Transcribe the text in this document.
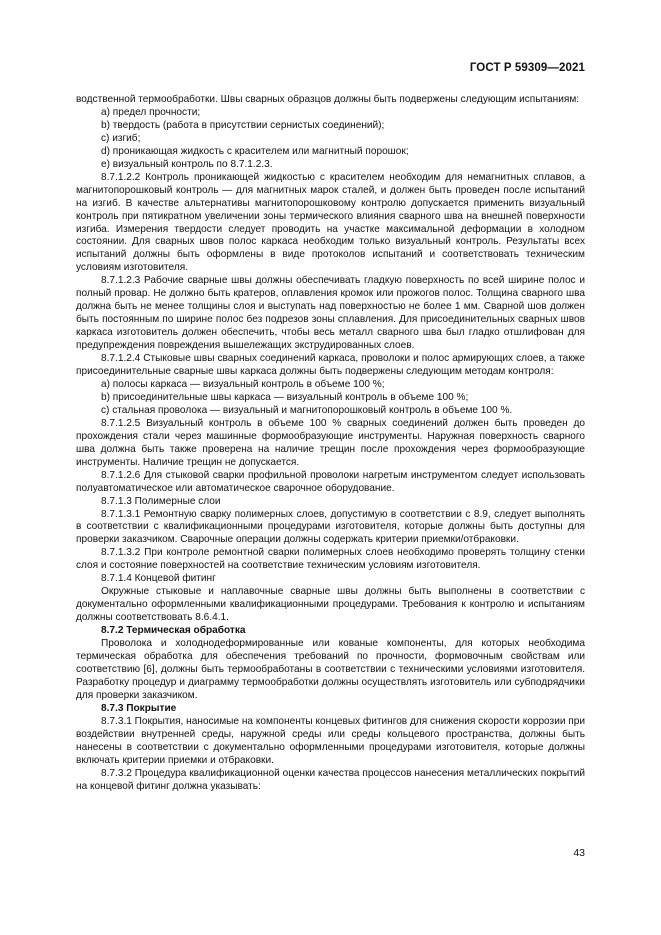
ГОСТ Р 59309—2021

водственной термообработки. Швы сварных образцов должны быть подвержены следующим испытаниям:

a) предел прочности;

b) твердость (работа в присутствии сернистых соединений);

c) изгиб;

d) проникающая жидкость с красителем или магнитный порошок;

e) визуальный контроль по 8.7.1.2.3.

8.7.1.2.2 Контроль проникающей жидкостью с красителем необходим для немагнитных сплавов, а магнитопорошковый контроль — для магнитных марок сталей, и должен быть проведен после испытаний на изгиб. В качестве альтернативы магнитопорошковому контролю допускается применить визуальный контроль при пятикратном увеличении зоны термического влияния сварного шва на внешней поверхности изгиба. Измерения твердости следует проводить на участке максимальной деформации в холодном состоянии. Для сварных швов полос каркаса необходим только визуальный контроль. Результаты всех испытаний должны быть оформлены в виде протоколов испытаний и соответствовать техническим условиям изготовителя.

8.7.1.2.3 Рабочие сварные швы должны обеспечивать гладкую поверхность по всей ширине полос и полный провар. Не должно быть кратеров, оплавления кромок или прожогов полос. Толщина сварного шва должна быть не менее толщины слоя и выступать над поверхностью не более 1 мм. Сварной шов должен быть постоянным по ширине полос без подрезов зоны сплавления. Для присоединительных сварных швов каркаса изготовитель должен обеспечить, чтобы весь металл сварного шва был гладко отшлифован для предупреждения повреждения вышележащих экструдированных слоев.

8.7.1.2.4 Стыковые швы сварных соединений каркаса, проволоки и полос армирующих слоев, а также присоединительные сварные швы каркаса должны быть подвержены следующим методам контроля:

a) полосы каркаса — визуальный контроль в объеме 100 %;

b) присоединительные швы каркаса — визуальный контроль в объеме 100 %;

c) стальная проволока — визуальный и магнитопорошковый контроль в объеме 100 %.

8.7.1.2.5 Визуальный контроль в объеме 100 % сварных соединений должен быть проведен до прохождения стали через машинные формообразующие инструменты. Наружная поверхность сварного шва должна быть также проверена на наличие трещин после прохождения через формообразующие инструменты. Наличие трещин не допускается.

8.7.1.2.6 Для стыковой сварки профильной проволоки нагретым инструментом следует использовать полуавтоматическое или автоматическое сварочное оборудование.

8.7.1.3 Полимерные слои

8.7.1.3.1 Ремонтную сварку полимерных слоев, допустимую в соответствии с 8.9, следует выполнять в соответствии с квалификационными процедурами изготовителя, которые должны быть доступны для проверки заказчиком. Сварочные операции должны содержать критерии приемки/отбраковки.

8.7.1.3.2 При контроле ремонтной сварки полимерных слоев необходимо проверять толщину стенки слоя и состояние поверхностей на соответствие техническим условиям изготовителя.

8.7.1.4 Концевой фитинг

Окружные стыковые и наплавочные сварные швы должны быть выполнены в соответствии с документально оформленными квалификационными процедурами. Требования к контролю и испытаниям должны соответствовать 8.6.4.1.

8.7.2 Термическая обработка

Проволока и холоднодеформированные или кованые компоненты, для которых необходима термическая обработка для обеспечения требований по прочности, формовочным свойствам или соответствию [6], должны быть термообработаны в соответствии с техническими условиями изготовителя. Разработку процедур и диаграмму термообработки должны осуществлять изготовитель или субподрядчики для проверки заказчиком.

8.7.3 Покрытие

8.7.3.1 Покрытия, наносимые на компоненты концевых фитингов для снижения скорости коррозии при воздействии внутренней среды, наружной среды или среды кольцевого пространства, должны быть нанесены в соответствии с документально оформленными процедурами изготовителя, которые должны включать критерии приемки и отбраковки.

8.7.3.2 Процедура квалификационной оценки качества процессов нанесения металлических покрытий на концевой фитинг должна указывать:

43
